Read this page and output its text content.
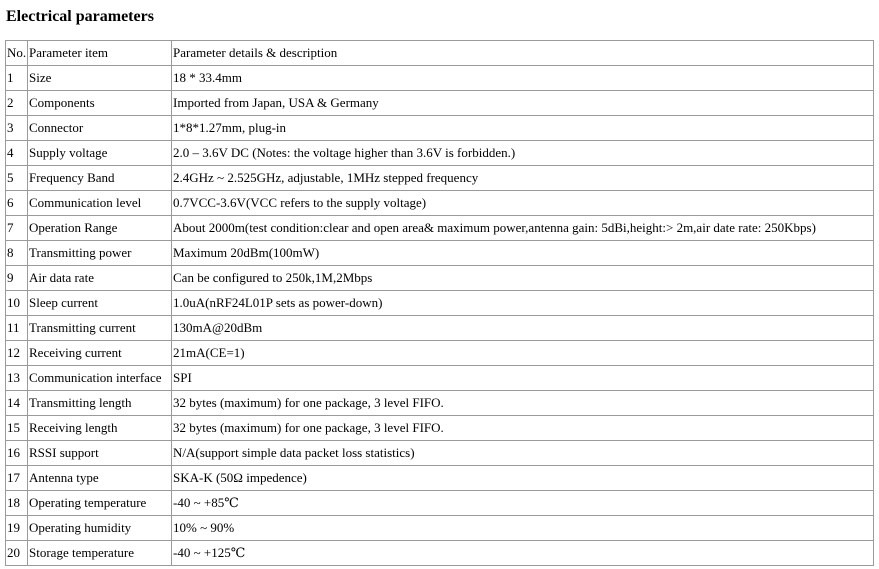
Electrical parameters
No.	Parameter item	Parameter details & description
1	Size	18 * 33.4mm
2	Components	Imported from Japan, USA & Germany
3	Connector	1*8*1.27mm, plug-in
4	Supply voltage	2.0 – 3.6V DC (Notes: the voltage higher than 3.6V is forbidden.)
5	Frequency Band	2.4GHz ~ 2.525GHz, adjustable, 1MHz stepped frequency
6	Communication level	0.7VCC-3.6V(VCC refers to the supply voltage)
7	Operation Range	About 2000m(test condition:clear and open area& maximum power,antenna gain: 5dBi,height:> 2m,air date rate: 250Kbps)
8	Transmitting power	Maximum 20dBm(100mW)
9	Air data rate	Can be configured to 250k,1M,2Mbps
10	Sleep current	1.0uA(nRF24L01P sets as power-down)
11	Transmitting current	130mA@20dBm
12	Receiving current	21mA(CE=1)
13	Communication interface	SPI
14	Transmitting length	32 bytes (maximum) for one package, 3 level FIFO.
15	Receiving length	32 bytes (maximum) for one package, 3 level FIFO.
16	RSSI support	N/A(support simple data packet loss statistics)
17	Antenna type	SKA-K (50Ω impedence)
18	Operating temperature	-40 ~ +85℃
19	Operating humidity	10% ~ 90%
20	Storage temperature	-40 ~ +125℃
